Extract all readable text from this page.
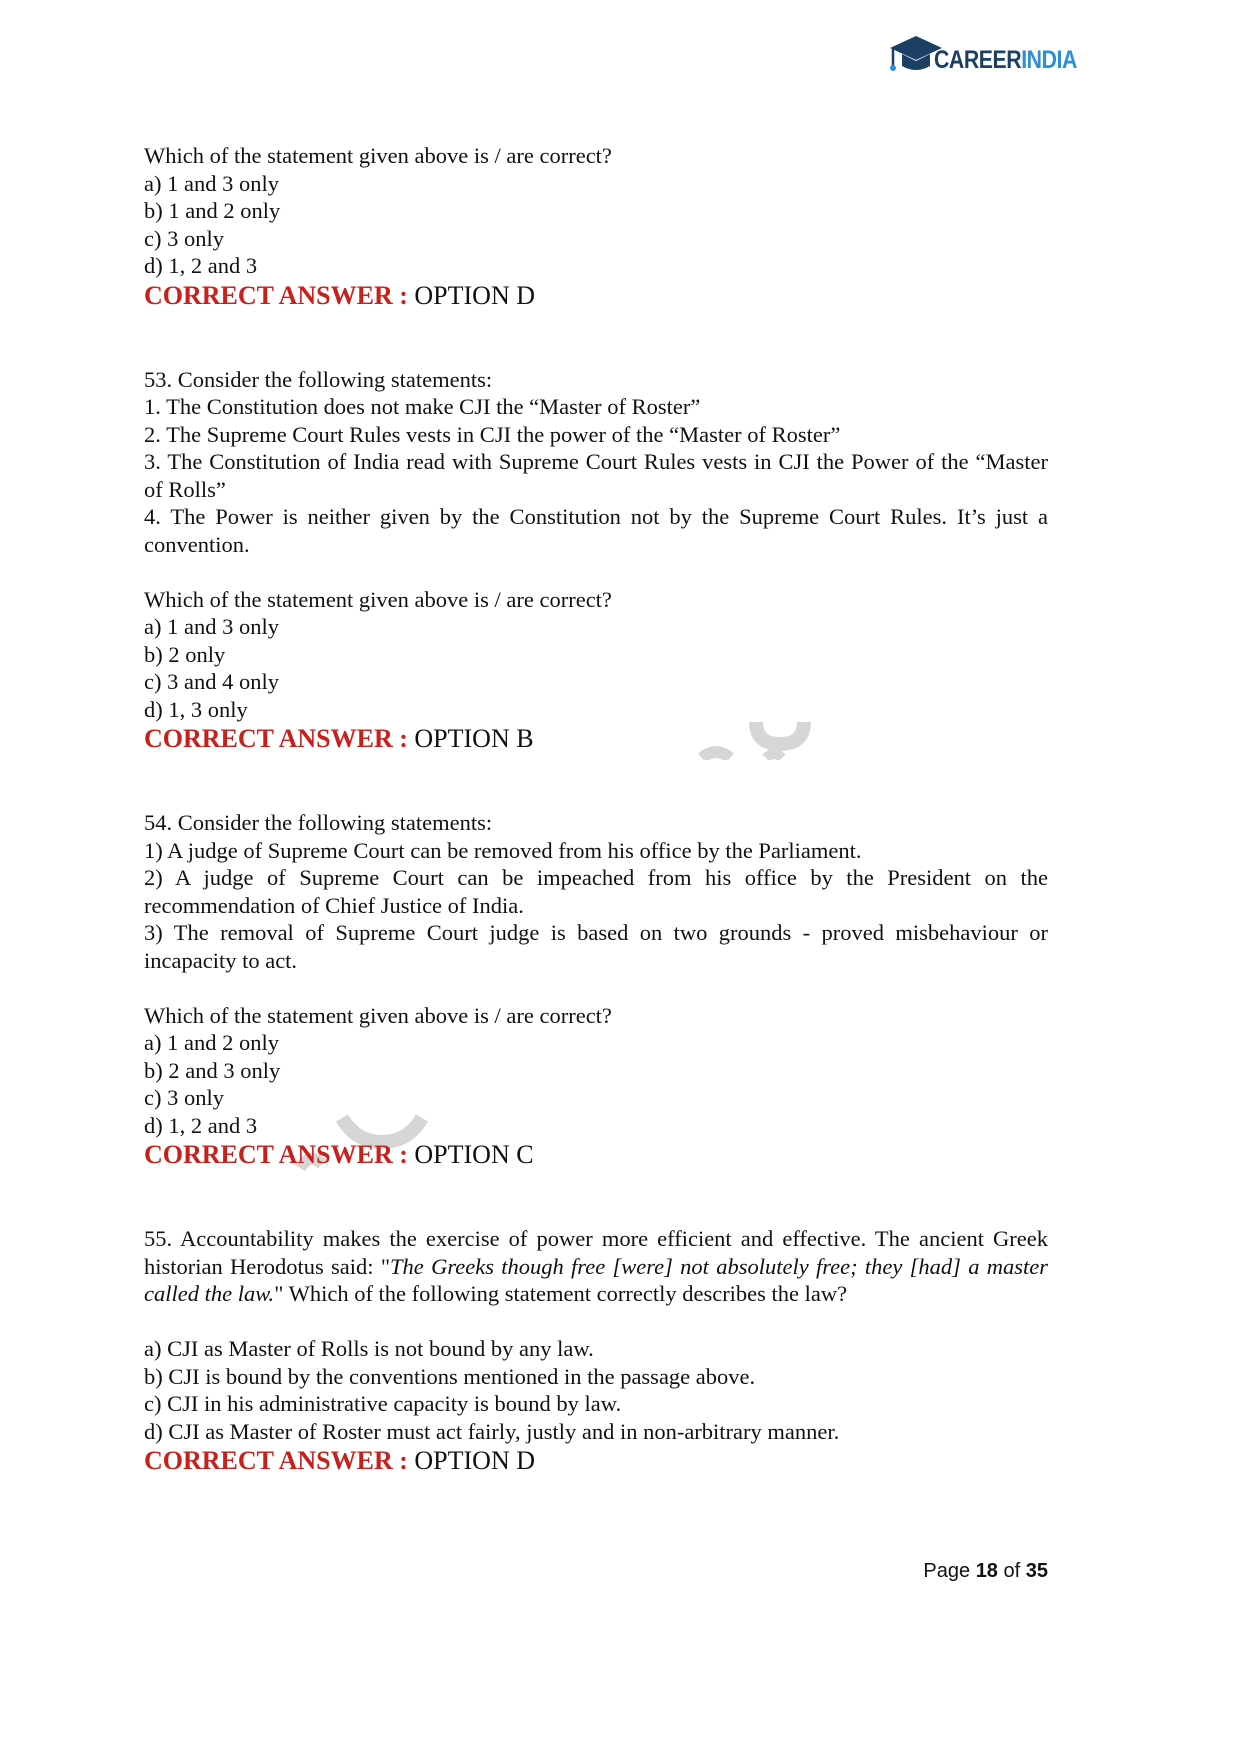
CAREERINDIA

Which of the statement given above is / are correct?

a) 1 and 3 only

b) 1 and 2 only

c) 3 only

d) 1, 2 and 3

CORRECT ANSWER : OPTION D

53. Consider the following statements:

1. The Constitution does not make CJI the “Master of Roster”

2. The Supreme Court Rules vests in CJI the power of the “Master of Roster”

3. The Constitution of India read with Supreme Court Rules vests in CJI the Power of the “Master of Rolls”

4. The Power is neither given by the Constitution not by the Supreme Court Rules. It’s just a convention.

Which of the statement given above is / are correct?

a) 1 and 3 only

b) 2 only

c) 3 and 4 only

d) 1, 3 only

CORRECT ANSWER : OPTION B

54. Consider the following statements:

1) A judge of Supreme Court can be removed from his office by the Parliament.

2) A judge of Supreme Court can be impeached from his office by the President on the recommendation of Chief Justice of India.

3) The removal of Supreme Court judge is based on two grounds - proved misbehaviour or incapacity to act.

Which of the statement given above is / are correct?

a) 1 and 2 only

b) 2 and 3 only

c) 3 only

d) 1, 2 and 3

CORRECT ANSWER : OPTION C

55. Accountability makes the exercise of power more efficient and effective. The ancient Greek historian Herodotus said: "The Greeks though free [were] not absolutely free; they [had] a master called the law." Which of the following statement correctly describes the law?

a) CJI as Master of Rolls is not bound by any law.

b) CJI is bound by the conventions mentioned in the passage above.

c) CJI in his administrative capacity is bound by law.

d) CJI as Master of Roster must act fairly, justly and in non-arbitrary manner.

CORRECT ANSWER : OPTION D

Page 18 of 35
